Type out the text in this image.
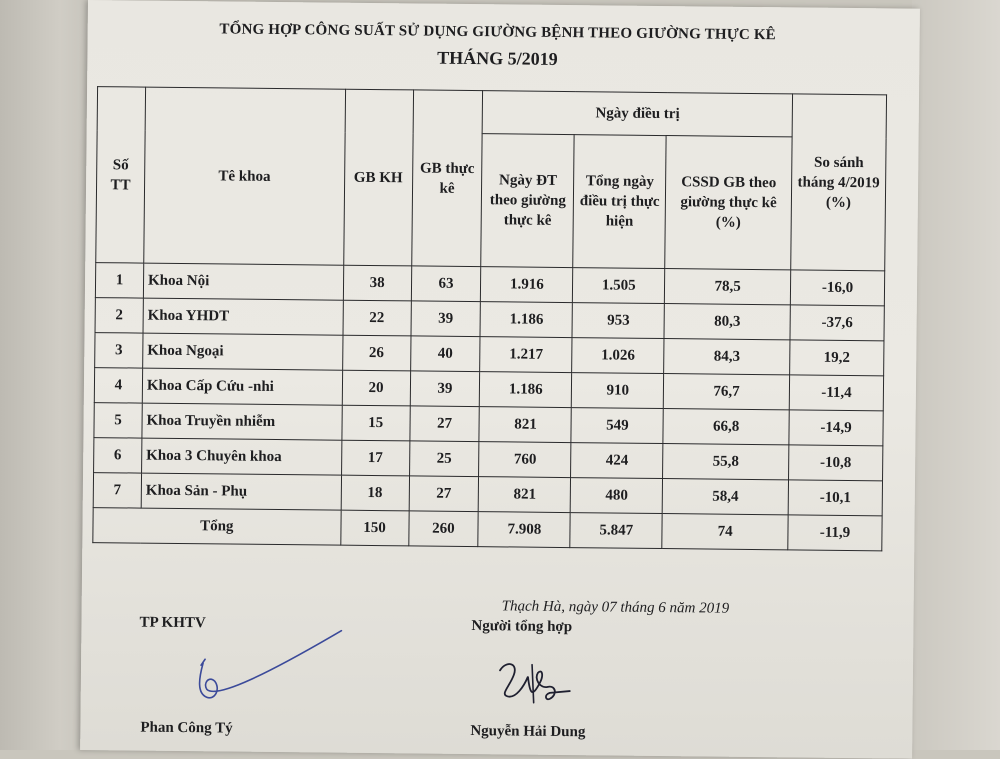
TỔNG HỢP CÔNG SUẤT SỬ DỤNG GIƯỜNG BỆNH THEO GIƯỜNG THỰC KÊ
THÁNG 5/2019
Số TT	Tê khoa	GB KH	GB thực kê	Ngày điều trị			So sánh tháng 4/2019 (%)
				Ngày ĐT theo giường thực kê	Tổng ngày điều trị thực hiện	CSSD GB theo giường thực kê (%)	
1	Khoa Nội	38	63	1.916	1.505	78,5	-16,0
2	Khoa YHDT	22	39	1.186	953	80,3	-37,6
3	Khoa Ngoại	26	40	1.217	1.026	84,3	19,2
4	Khoa Cấp Cứu -nhi	20	39	1.186	910	76,7	-11,4
5	Khoa Truyền nhiễm	15	27	821	549	66,8	-14,9
6	Khoa 3 Chuyên khoa	17	25	760	424	55,8	-10,8
7	Khoa Sản - Phụ	18	27	821	480	58,4	-10,1
Tổng		150	260	7.908	5.847	74	-11,9
Thạch Hà, ngày 07 tháng 6 năm 2019
TP KHTV	Người tổng hợp
Phan Công Tý	Nguyễn Hải Dung
